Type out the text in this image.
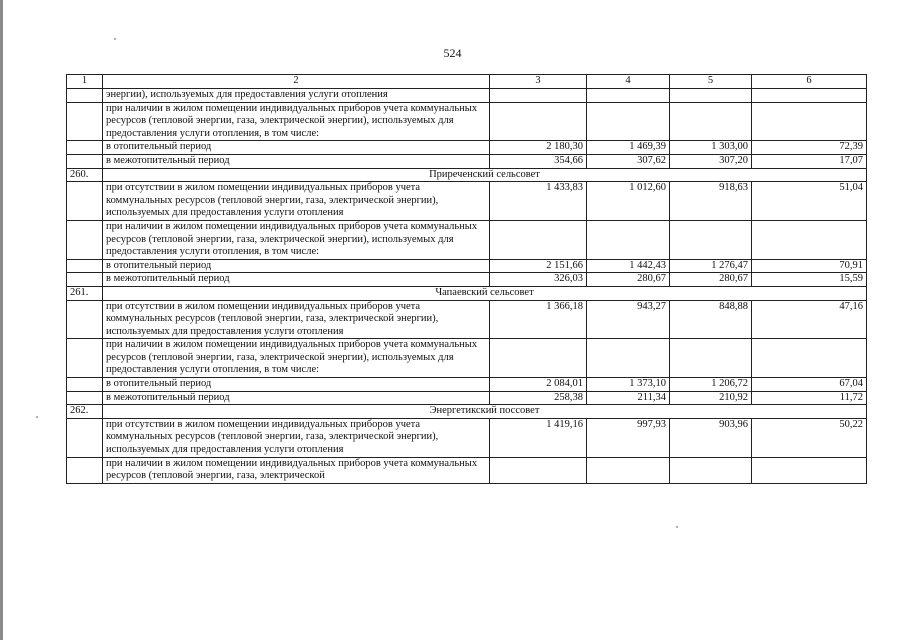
524
1	2	3	4	5	6
	энергии), используемых для предоставления услуги отопления				
	при наличии в жилом помещении индивидуальных приборов учета коммунальных ресурсов (тепловой энергии, газа, электрической энергии), используемых для предоставления услуги отопления, в том числе:				
	в отопительный период	2 180,30	1 469,39	1 303,00	72,39
	в межотопительный период	354,66	307,62	307,20	17,07
260.	Приреченский сельсовет				
	при отсутствии в жилом помещении индивидуальных приборов учета коммунальных ресурсов (тепловой энергии, газа, электрической энергии), используемых для предоставления услуги отопления	1 433,83	1 012,60	918,63	51,04
	при наличии в жилом помещении индивидуальных приборов учета коммунальных ресурсов (тепловой энергии, газа, электрической энергии), используемых для предоставления услуги отопления, в том числе:				
	в отопительный период	2 151,66	1 442,43	1 276,47	70,91
	в межотопительный период	326,03	280,67	280,67	15,59
261.	Чапаевский сельсовет				
	при отсутствии в жилом помещении индивидуальных приборов учета коммунальных ресурсов (тепловой энергии, газа, электрической энергии), используемых для предоставления услуги отопления	1 366,18	943,27	848,88	47,16
	при наличии в жилом помещении индивидуальных приборов учета коммунальных ресурсов (тепловой энергии, газа, электрической энергии), используемых для предоставления услуги отопления, в том числе:				
	в отопительный период	2 084,01	1 373,10	1 206,72	67,04
	в межотопительный период	258,38	211,34	210,92	11,72
262.	Энергетикский поссовет				
	при отсутствии в жилом помещении индивидуальных приборов учета коммунальных ресурсов (тепловой энергии, газа, электрической энергии), используемых для предоставления услуги отопления	1 419,16	997,93	903,96	50,22
	при наличии в жилом помещении индивидуальных приборов учета коммунальных ресурсов (тепловой энергии, газа, электрической				
